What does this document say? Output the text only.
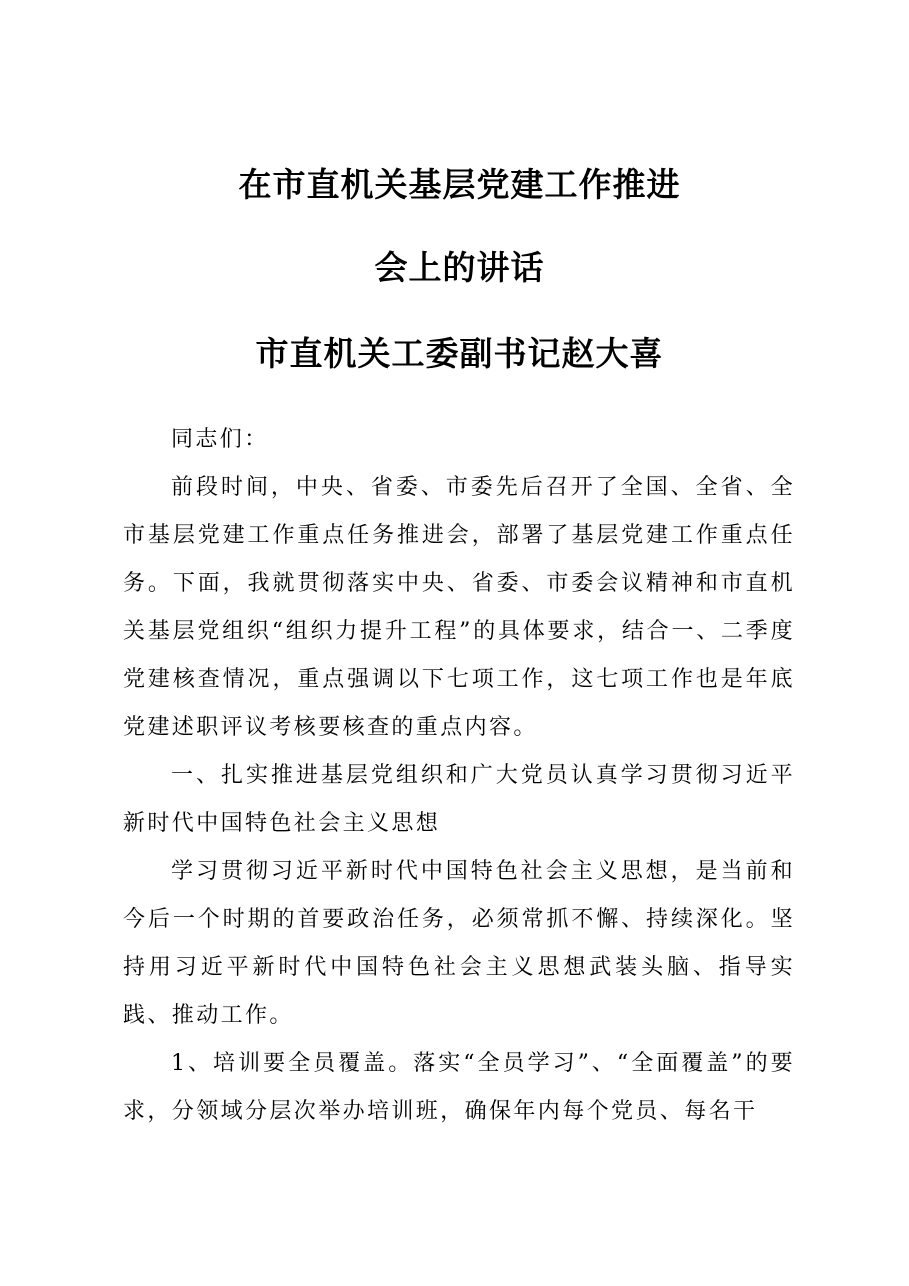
在市直机关基层党建工作推进
会上的讲话
市直机关工委副书记赵大喜

同志们：

前段时间，中央、省委、市委先后召开了全国、全省、全市基层党建工作重点任务推进会，部署了基层党建工作重点任务。下面，我就贯彻落实中央、省委、市委会议精神和市直机关基层党组织“组织力提升工程”的具体要求，结合一、二季度党建核查情况，重点强调以下七项工作，这七项工作也是年底党建述职评议考核要核查的重点内容。

一、扎实推进基层党组织和广大党员认真学习贯彻习近平新时代中国特色社会主义思想

学习贯彻习近平新时代中国特色社会主义思想，是当前和今后一个时期的首要政治任务，必须常抓不懈、持续深化。坚持用习近平新时代中国特色社会主义思想武装头脑、指导实践、推动工作。

1、培训要全员覆盖。落实“全员学习”、“全面覆盖”的要求，分领域分层次举办培训班，确保年内每个党员、每名干
